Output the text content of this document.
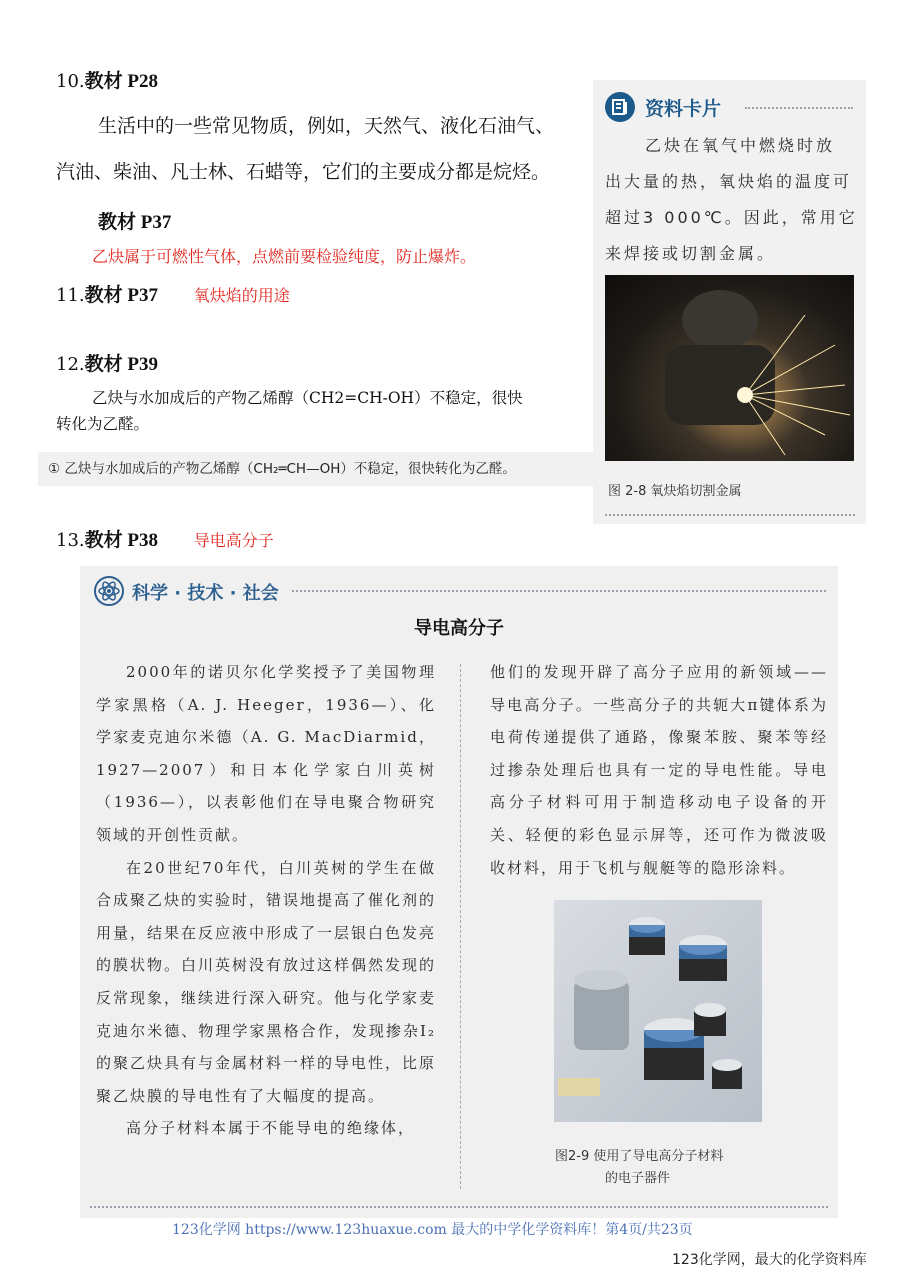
10.教材 P28
生活中的一些常见物质，例如，天然气、液化石油气、
汽油、柴油、凡士林、石蜡等，它们的主要成分都是烷烃。
教材 P37
乙炔属于可燃性气体，点燃前要检验纯度，防止爆炸。
11.教材 P37 氧炔焰的用途
12.教材 P39
乙炔与水加成后的产物乙烯醇（CH2=CH-OH）不稳定，很快
转化为乙醛。
① 乙炔与水加成后的产物乙烯醇（CH₂═CH—OH）不稳定，很快转化为乙醛。
13.教材 P38 导电高分子
资料卡片
乙炔在氧气中燃烧时放
出大量的热，氧炔焰的温度可
超过3 000℃。因此，常用它
来焊接或切割金属。
图 2-8 氧炔焰切割金属
科学 · 技术 · 社会
导电高分子

2000年的诺贝尔化学奖授予了美国物理学家黑格（A. J. Heeger，1936—）、化学家麦克迪尔米德（A. G. MacDiarmid，1927—2007）和日本化学家白川英树（1936—），以表彰他们在导电聚合物研究领域的开创性贡献。

在20世纪70年代，白川英树的学生在做合成聚乙炔的实验时，错误地提高了催化剂的用量，结果在反应液中形成了一层银白色发亮的膜状物。白川英树没有放过这样偶然发现的反常现象，继续进行深入研究。他与化学家麦克迪尔米德、物理学家黑格合作，发现掺杂I₂的聚乙炔具有与金属材料一样的导电性，比原聚乙炔膜的导电性有了大幅度的提高。

高分子材料本属于不能导电的绝缘体，

他们的发现开辟了高分子应用的新领域——导电高分子。一些高分子的共轭大π键体系为电荷传递提供了通路，像聚苯胺、聚苯等经过掺杂处理后也具有一定的导电性能。导电高分子材料可用于制造移动电子设备的开关、轻便的彩色显示屏等，还可作为微波吸收材料，用于飞机与舰艇等的隐形涂料。

图2-9 使用了导电高分子材料
的电子器件
123化学网 https://www.123huaxue.com 最大的中学化学资料库！第4页/共23页
123化学网，最大的化学资料库
